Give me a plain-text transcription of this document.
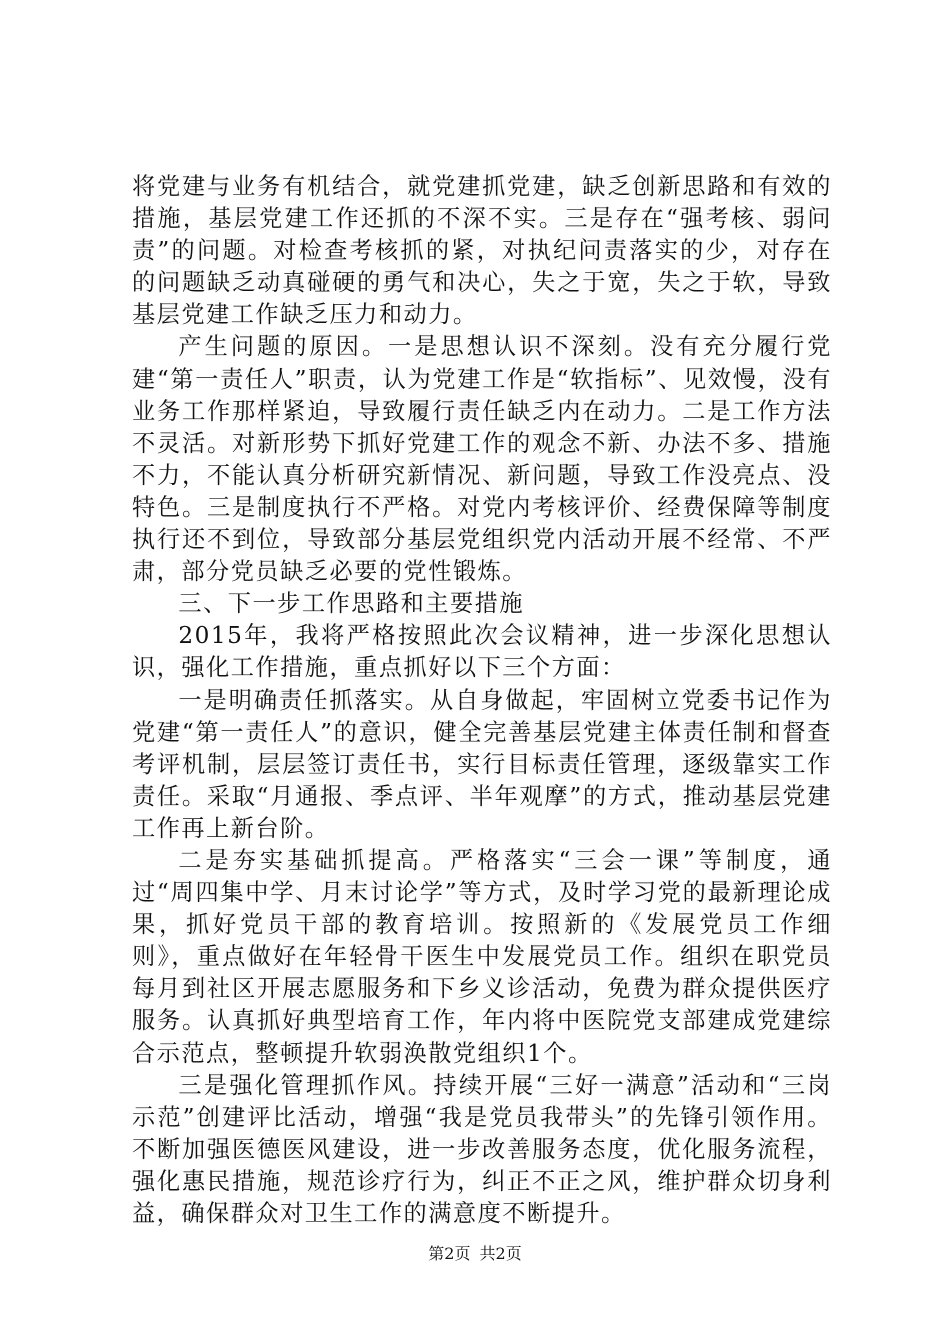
将党建与业务有机结合，就党建抓党建，缺乏创新思路和有效的措施，基层党建工作还抓的不深不实。三是存在“强考核、弱问责”的问题。对检查考核抓的紧，对执纪问责落实的少，对存在的问题缺乏动真碰硬的勇气和决心，失之于宽，失之于软，导致基层党建工作缺乏压力和动力。

产生问题的原因。一是思想认识不深刻。没有充分履行党建“第一责任人”职责，认为党建工作是“软指标”、见效慢，没有业务工作那样紧迫，导致履行责任缺乏内在动力。二是工作方法不灵活。对新形势下抓好党建工作的观念不新、办法不多、措施不力，不能认真分析研究新情况、新问题，导致工作没亮点、没特色。三是制度执行不严格。对党内考核评价、经费保障等制度执行还不到位，导致部分基层党组织党内活动开展不经常、不严肃，部分党员缺乏必要的党性锻炼。

三、下一步工作思路和主要措施

2015年，我将严格按照此次会议精神，进一步深化思想认识，强化工作措施，重点抓好以下三个方面：

一是明确责任抓落实。从自身做起，牢固树立党委书记作为党建“第一责任人”的意识，健全完善基层党建主体责任制和督查考评机制，层层签订责任书，实行目标责任管理，逐级靠实工作责任。采取“月通报、季点评、半年观摩”的方式，推动基层党建工作再上新台阶。

二是夯实基础抓提高。严格落实“三会一课”等制度，通过“周四集中学、月末讨论学”等方式，及时学习党的最新理论成果，抓好党员干部的教育培训。按照新的《发展党员工作细则》，重点做好在年轻骨干医生中发展党员工作。组织在职党员每月到社区开展志愿服务和下乡义诊活动，免费为群众提供医疗服务。认真抓好典型培育工作，年内将中医院党支部建成党建综合示范点，整顿提升软弱涣散党组织1个。

三是强化管理抓作风。持续开展“三好一满意”活动和“三岗示范”创建评比活动，增强“我是党员我带头”的先锋引领作用。不断加强医德医风建设，进一步改善服务态度，优化服务流程，强化惠民措施，规范诊疗行为，纠正不正之风，维护群众切身利益，确保群众对卫生工作的满意度不断提升。

第2页 共2页
